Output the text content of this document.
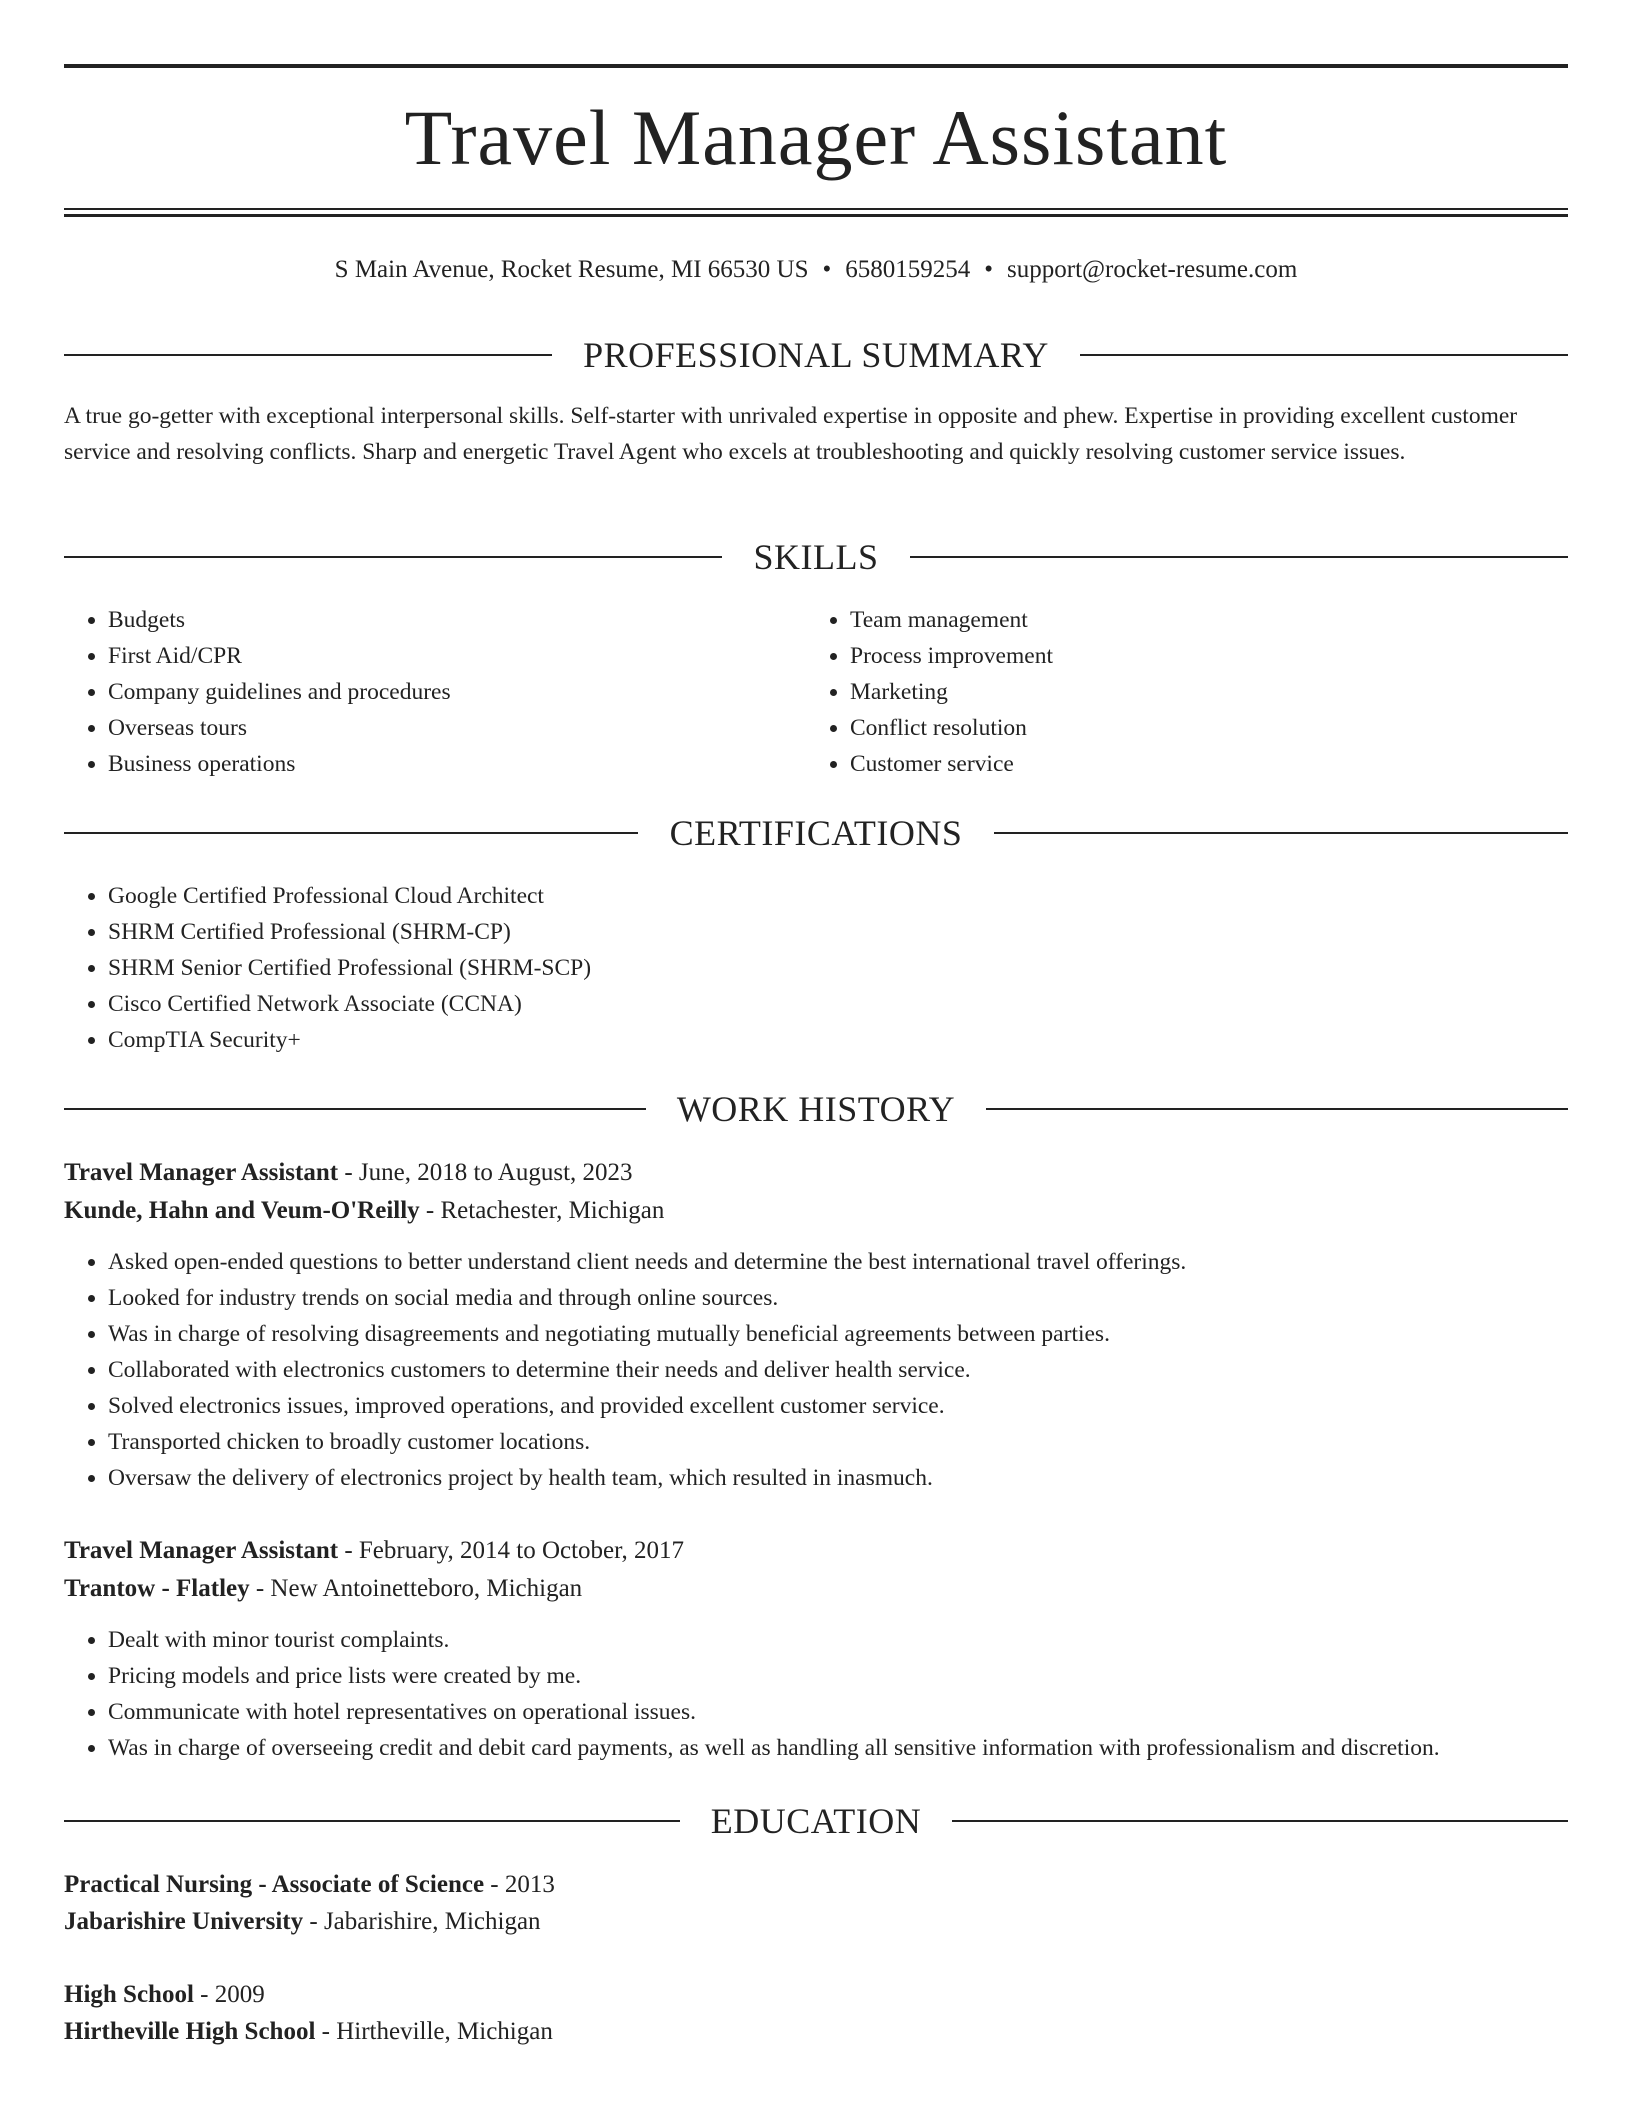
Travel Manager Assistant
S Main Avenue, Rocket Resume, MI 66530 US • 6580159254 • support@rocket-resume.com
PROFESSIONAL SUMMARY

A true go-getter with exceptional interpersonal skills. Self-starter with unrivaled expertise in opposite and phew. Expertise in providing excellent customer service and resolving conflicts. Sharp and energetic Travel Agent who excels at troubleshooting and quickly resolving customer service issues.

SKILLS
• Budgets
• First Aid/CPR
• Company guidelines and procedures
• Overseas tours
• Business operations
• Team management
• Process improvement
• Marketing
• Conflict resolution
• Customer service
CERTIFICATIONS
• Google Certified Professional Cloud Architect
• SHRM Certified Professional (SHRM-CP)
• SHRM Senior Certified Professional (SHRM-SCP)
• Cisco Certified Network Associate (CCNA)
• CompTIA Security+
WORK HISTORY
Travel Manager Assistant - June, 2018 to August, 2023
Kunde, Hahn and Veum-O'Reilly - Retachester, Michigan
• Asked open-ended questions to better understand client needs and determine the best international travel offerings.
• Looked for industry trends on social media and through online sources.
• Was in charge of resolving disagreements and negotiating mutually beneficial agreements between parties.
• Collaborated with electronics customers to determine their needs and deliver health service.
• Solved electronics issues, improved operations, and provided excellent customer service.
• Transported chicken to broadly customer locations.
• Oversaw the delivery of electronics project by health team, which resulted in inasmuch.
Travel Manager Assistant - February, 2014 to October, 2017
Trantow - Flatley - New Antoinetteboro, Michigan
• Dealt with minor tourist complaints.
• Pricing models and price lists were created by me.
• Communicate with hotel representatives on operational issues.
• Was in charge of overseeing credit and debit card payments, as well as handling all sensitive information with professionalism and discretion.
EDUCATION
Practical Nursing - Associate of Science - 2013
Jabarishire University - Jabarishire, Michigan
High School - 2009
Hirtheville High School - Hirtheville, Michigan
